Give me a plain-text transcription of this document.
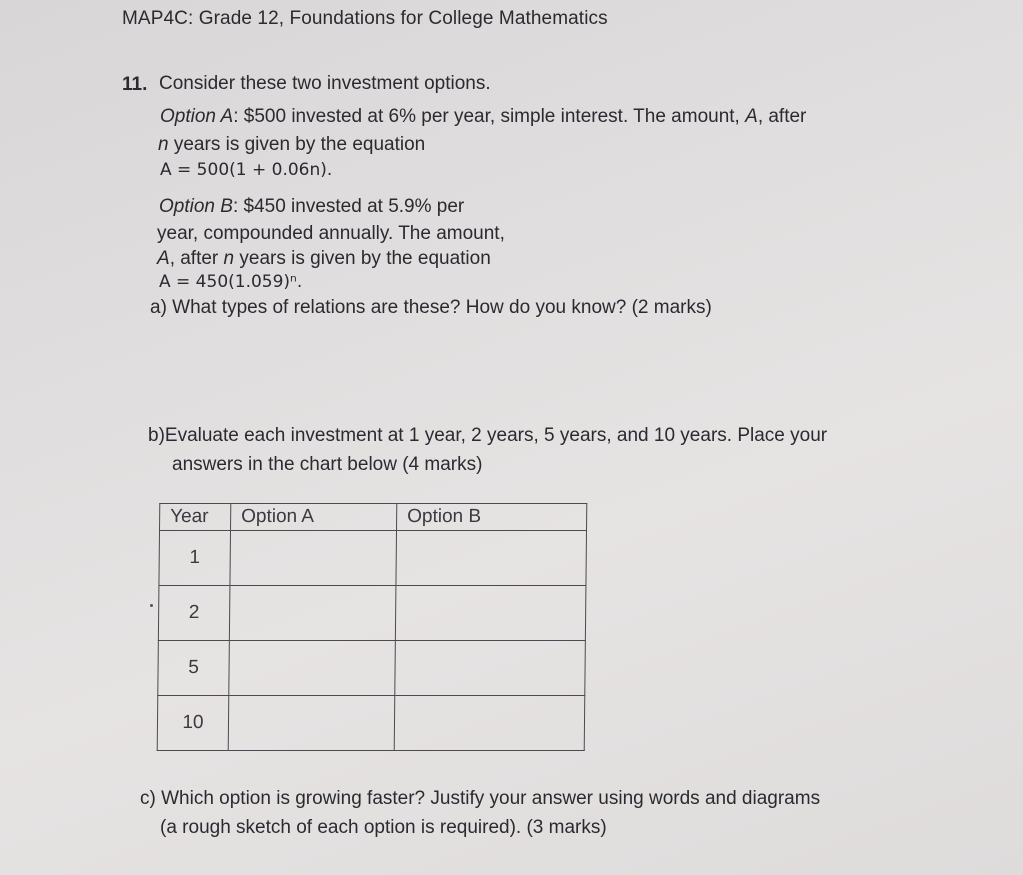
MAP4C: Grade 12, Foundations for College Mathematics
11. Consider these two investment options.
Option A: $500 invested at 6% per year, simple interest. The amount, A, after
n years is given by the equation
A = 500(1 + 0.06n).
Option B: $450 invested at 5.9% per
year, compounded annually. The amount,
A, after n years is given by the equation
A = 450(1.059)ⁿ.
a) What types of relations are these? How do you know? (2 marks)
b)Evaluate each investment at 1 year, 2 years, 5 years, and 10 years. Place your
answers in the chart below (4 marks)
Year	Option A	Option B
1		
2		
5		
10		
c) Which option is growing faster? Justify your answer using words and diagrams
(a rough sketch of each option is required). (3 marks)
